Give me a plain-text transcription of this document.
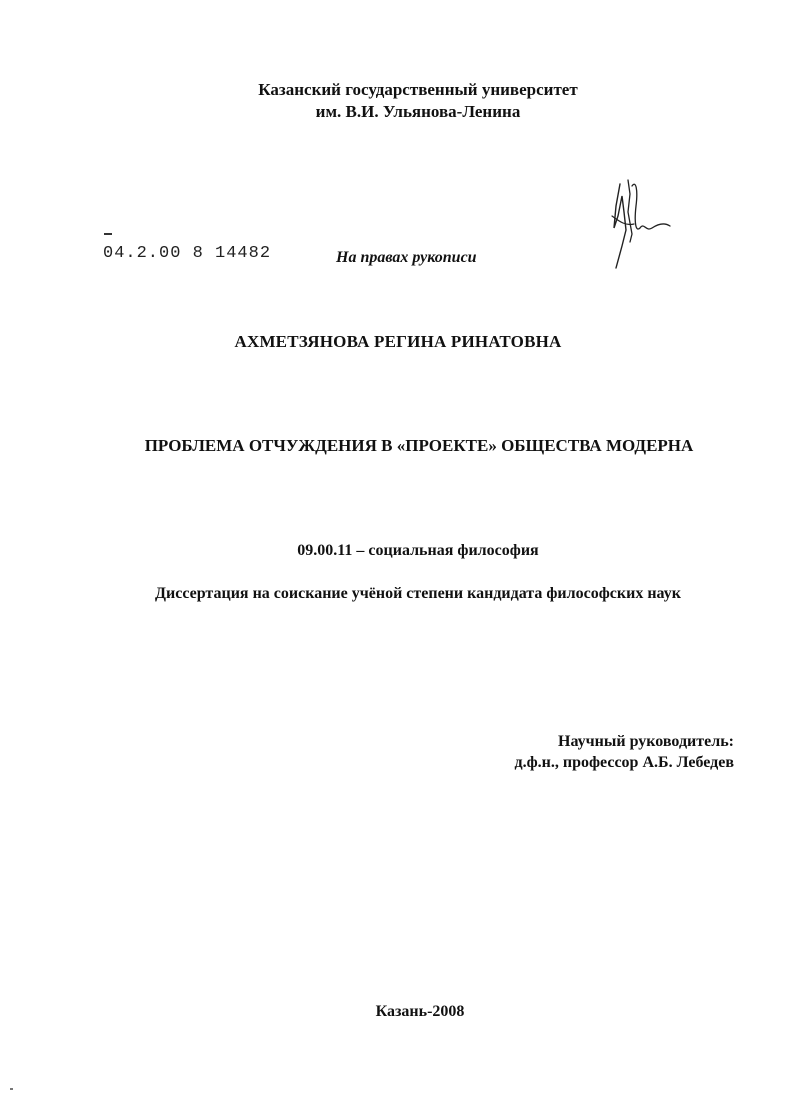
Казанский государственный университет
им. В.И. Ульянова-Ленина
04.2.00 8 14482	На правах рукописи
АХМЕТЗЯНОВА РЕГИНА РИНАТОВНА
ПРОБЛЕМА ОТЧУЖДЕНИЯ В «ПРОЕКТЕ» ОБЩЕСТВА МОДЕРНА
09.00.11 – социальная философия
Диссертация на соискание учёной степени кандидата философских наук
Научный руководитель:
д.ф.н., профессор А.Б. Лебедев
Казань-2008
